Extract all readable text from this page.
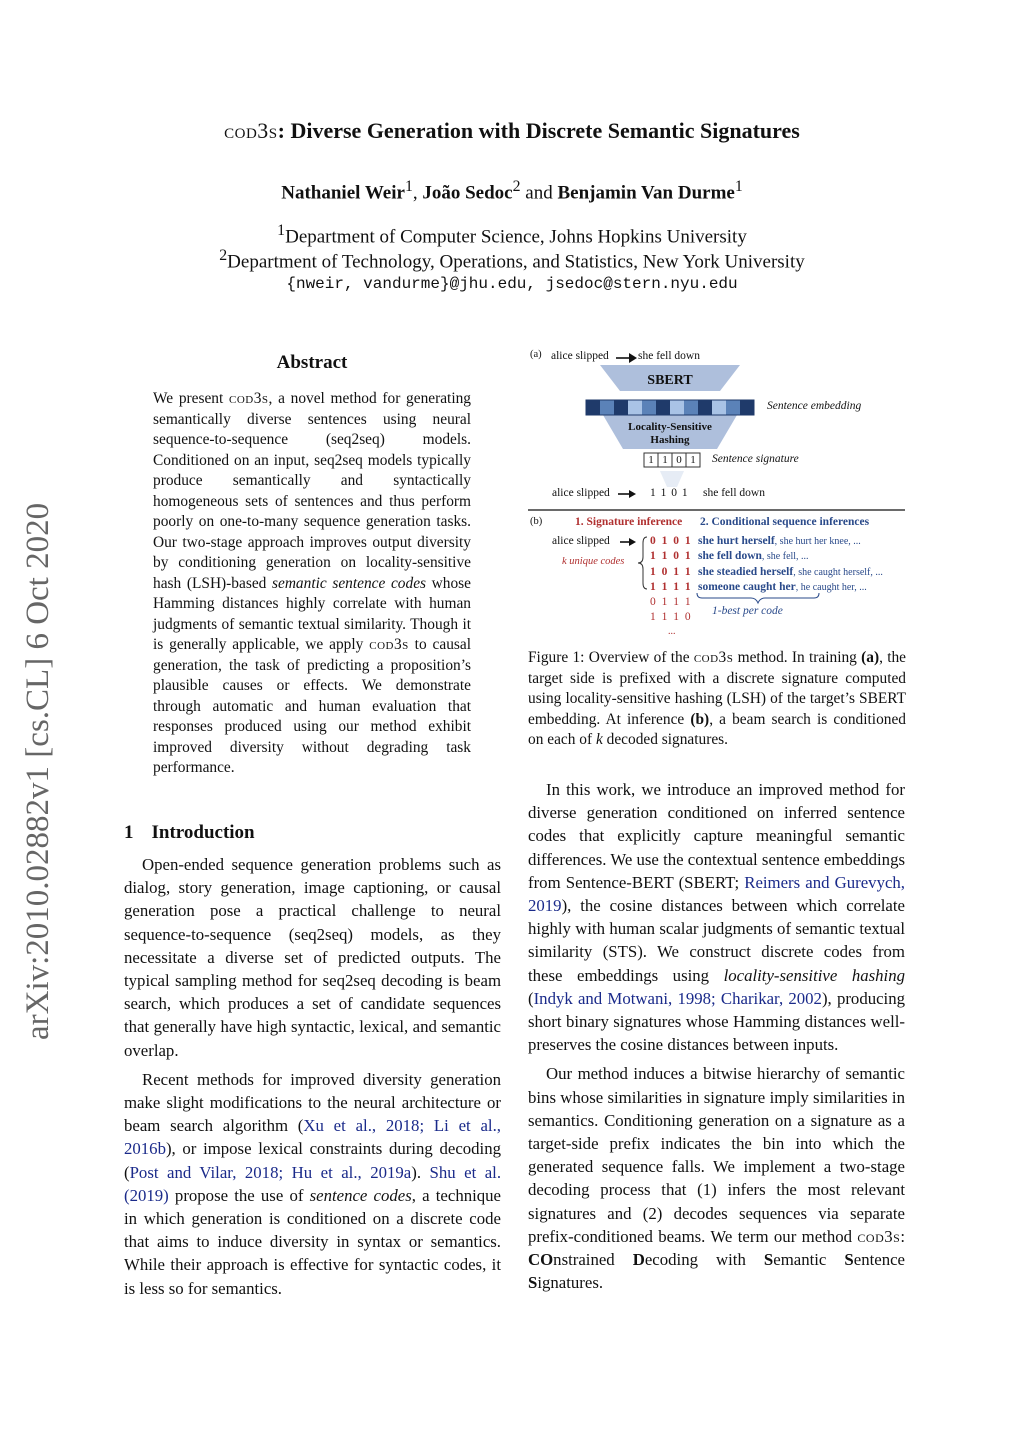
cod3s: Diverse Generation with Discrete Semantic Signatures
Nathaniel Weir$^1$, João Sedoc$^2$ and Benjamin Van Durme$^1$
$^1$Department of Computer Science, Johns Hopkins University
$^2$Department of Technology, Operations, and Statistics, New York University
{nweir, vandurme}@jhu.edu, jsedoc@stern.nyu.edu
arXiv:2010.02882v1 [cs.CL] 6 Oct 2020
Abstract
We present cod3s, a novel method for generating semantically diverse sentences using neural sequence-to-sequence (seq2seq) models. Conditioned on an input, seq2seq models typically produce semantically and syntactically homogeneous sets of sentences and thus perform poorly on one-to-many sequence generation tasks. Our two-stage approach improves output diversity by conditioning generation on locality-sensitive hash (LSH)-based semantic sentence codes whose Hamming distances highly correlate with human judgments of semantic textual similarity. Though it is generally applicable, we apply cod3s to causal generation, the task of predicting a proposition’s plausible causes or effects. We demonstrate through automatic and human evaluation that responses produced using our method exhibit improved diversity without degrading task performance.
1 Introduction

Open-ended sequence generation problems such as dialog, story generation, image captioning, or causal generation pose a practical challenge to neural sequence-to-sequence (seq2seq) models, as they necessitate a diverse set of predicted outputs. The typical sampling method for seq2seq decoding is beam search, which produces a set of candidate sequences that generally have high syntactic, lexical, and semantic overlap.

Recent methods for improved diversity generation make slight modifications to the neural architecture or beam search algorithm (Xu et al., 2018; Li et al., 2016b), or impose lexical constraints during decoding (Post and Vilar, 2018; Hu et al., 2019a). Shu et al. (2019) propose the use of sentence codes, a technique in which generation is conditioned on a discrete code that aims to induce diversity in syntax or semantics. While their approach is effective for syntactic codes, it is less so for semantics.

(a) alice slipped	she fell down
SBERT
Sentence embedding
Locality-Sensitive
Hashing
1 1 0 1	Sentence signature
alice slipped	1 1 0 1 she fell down
(b)	1. Signature inference 2. Conditional sequence inferences
alice slipped
k unique codes
0 1 0 1
1 1 0 1
1 0 1 1
1 1 1 1
0 1 1 1
1 1 1 0
...
she hurt herself, she hurt her knee, ...
she fell down, she fell, ...
she steadied herself, she caught herself, ...
someone caught her, he caught her, ...
1-best per code
Figure 1: Overview of the cod3s method. In training (a), the target side is prefixed with a discrete signature computed using locality-sensitive hashing (LSH) of the target’s SBERT embedding. At inference (b), a beam search is conditioned on each of k decoded signatures.

In this work, we introduce an improved method for diverse generation conditioned on inferred sentence codes that explicitly capture meaningful semantic differences. We use the contextual sentence embeddings from Sentence-BERT (SBERT; Reimers and Gurevych, 2019), the cosine distances between which correlate highly with human scalar judgments of semantic textual similarity (STS). We construct discrete codes from these embeddings using locality-sensitive hashing (Indyk and Motwani, 1998; Charikar, 2002), producing short binary signatures whose Hamming distances well-preserves the cosine distances between inputs.

Our method induces a bitwise hierarchy of semantic bins whose similarities in signature imply similarities in semantics. Conditioning generation on a signature as a target-side prefix indicates the bin into which the generated sequence falls. We implement a two-stage decoding process that (1) infers the most relevant signatures and (2) decodes sequences via separate prefix-conditioned beams. We term our method cod3s: COnstrained Decoding with Semantic Sentence Signatures.
